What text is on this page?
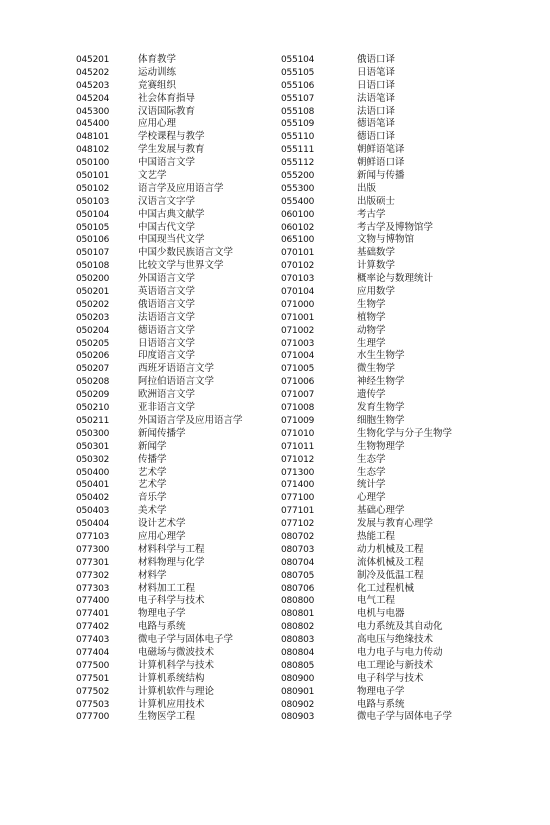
045201	体育教学
045202	运动训练
045203	竞赛组织
045204	社会体育指导
045300	汉语国际教育
045400	应用心理
048101	学校课程与教学
048102	学生发展与教育
050100	中国语言文学
050101	文艺学
050102	语言学及应用语言学
050103	汉语言文字学
050104	中国古典文献学
050105	中国古代文学
050106	中国现当代文学
050107	中国少数民族语言文学
050108	比较文学与世界文学
050200	外国语言文学
050201	英语语言文学
050202	俄语语言文学
050203	法语语言文学
050204	德语语言文学
050205	日语语言文学
050206	印度语言文学
050207	西班牙语语言文学
050208	阿拉伯语语言文学
050209	欧洲语言文学
050210	亚非语言文学
050211	外国语言学及应用语言学
050300	新闻传播学
050301	新闻学
050302	传播学
050400	艺术学
050401	艺术学
050402	音乐学
050403	美术学
050404	设计艺术学
077103	应用心理学
077300	材料科学与工程
077301	材料物理与化学
077302	材料学
077303	材料加工工程
077400	电子科学与技术
077401	物理电子学
077402	电路与系统
077403	微电子学与固体电子学
077404	电磁场与微波技术
077500	计算机科学与技术
077501	计算机系统结构
077502	计算机软件与理论
077503	计算机应用技术
077700	生物医学工程
055104	俄语口译
055105	日语笔译
055106	日语口译
055107	法语笔译
055108	法语口译
055109	德语笔译
055110	德语口译
055111	朝鲜语笔译
055112	朝鲜语口译
055200	新闻与传播
055300	出版
055400	出版硕士
060100	考古学
060102	考古学及博物馆学
065100	文物与博物馆
070101	基础数学
070102	计算数学
070103	概率论与数理统计
070104	应用数学
071000	生物学
071001	植物学
071002	动物学
071003	生理学
071004	水生生物学
071005	微生物学
071006	神经生物学
071007	遗传学
071008	发育生物学
071009	细胞生物学
071010	生物化学与分子生物学
071011	生物物理学
071012	生态学
071300	生态学
071400	统计学
077100	心理学
077101	基础心理学
077102	发展与教育心理学
080702	热能工程
080703	动力机械及工程
080704	流体机械及工程
080705	制冷及低温工程
080706	化工过程机械
080800	电气工程
080801	电机与电器
080802	电力系统及其自动化
080803	高电压与绝缘技术
080804	电力电子与电力传动
080805	电工理论与新技术
080900	电子科学与技术
080901	物理电子学
080902	电路与系统
080903	微电子学与固体电子学
